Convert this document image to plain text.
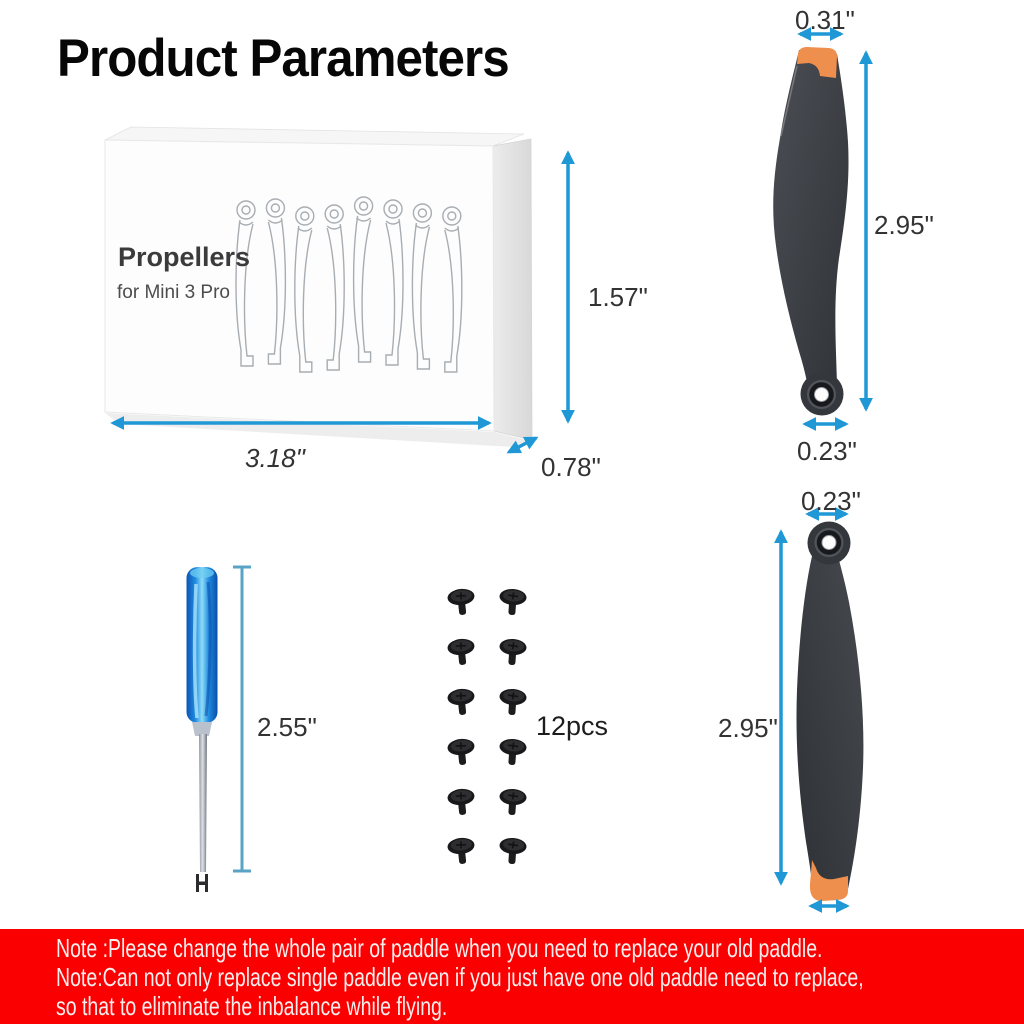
Product Parameters
Propellers
for Mini 3 Pro	1.57"
3.18"	0.78"
0.31"
2.95"
0.23"
0.23"
2.95"
2.55"	12pcs
Note :Please change the whole pair of paddle when you need to replace your old paddle.
Note:Can not only replace single paddle even if you just have one old paddle need to replace,
so that to eliminate the inbalance while flying.
